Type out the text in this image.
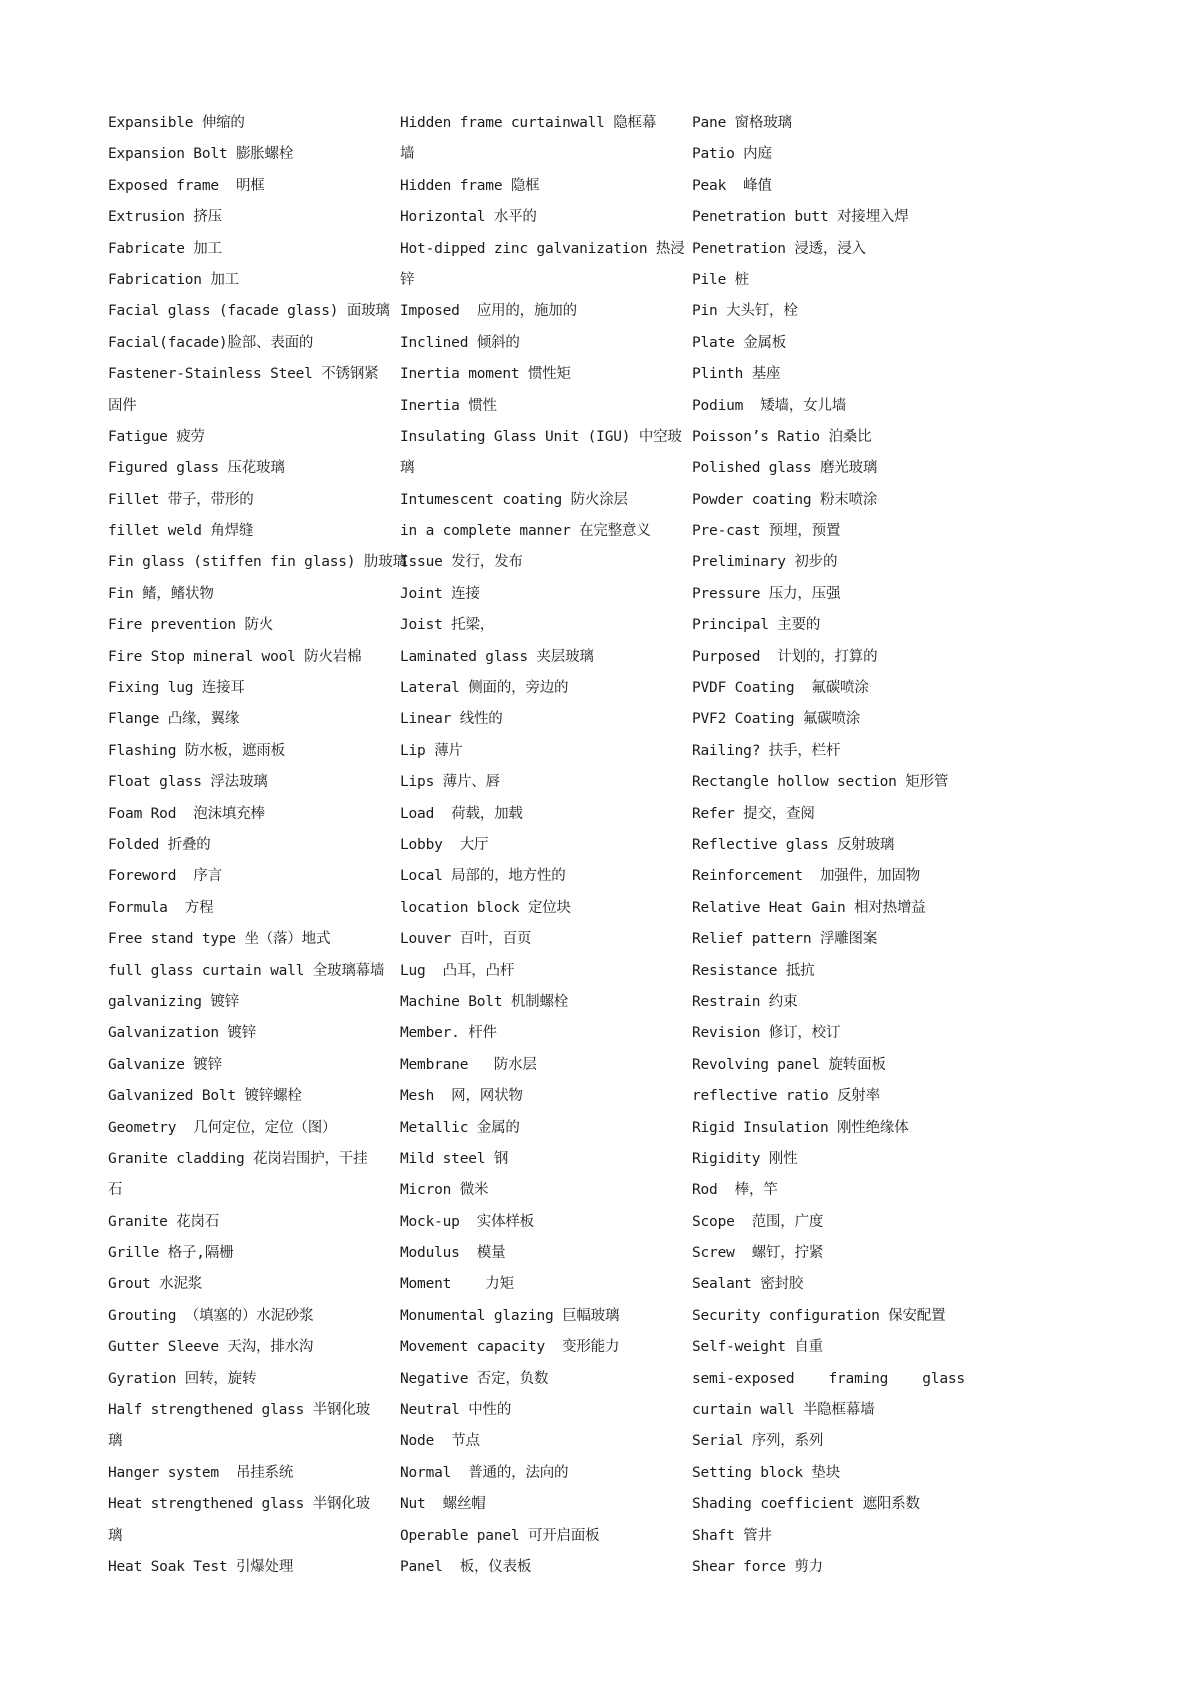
Expansible 伸缩的
Expansion Bolt 膨胀螺栓
Exposed frame  明框
Extrusion 挤压
Fabricate 加工
Fabrication 加工
Facial glass (facade glass) 面玻璃
Facial(facade)脸部、表面的
Fastener-Stainless Steel 不锈钢紧
固件
Fatigue 疲劳
Figured glass 压花玻璃
Fillet 带子，带形的
fillet weld 角焊缝
Fin glass (stiffen fin glass) 肋玻璃
Fin 鳍，鳍状物
Fire prevention 防火
Fire Stop mineral wool 防火岩棉
Fixing lug 连接耳
Flange 凸缘，翼缘
Flashing 防水板，遮雨板
Float glass 浮法玻璃
Foam Rod  泡沫填充棒
Folded 折叠的
Foreword  序言
Formula  方程
Free stand type 坐（落）地式
full glass curtain wall 全玻璃幕墙
galvanizing 镀锌
Galvanization 镀锌
Galvanize 镀锌
Galvanized Bolt 镀锌螺栓
Geometry  几何定位，定位（图）
Granite cladding 花岗岩围护，干挂
石
Granite 花岗石
Grille 格子,隔栅
Grout 水泥浆
Grouting （填塞的）水泥砂浆
Gutter Sleeve 天沟，排水沟
Gyration 回转，旋转
Half strengthened glass 半钢化玻
璃
Hanger system  吊挂系统
Heat strengthened glass 半钢化玻
璃
Heat Soak Test 引爆处理
Hidden frame curtainwall 隐框幕
墙
Hidden frame 隐框
Horizontal 水平的
Hot-dipped zinc galvanization 热浸
锌
Imposed  应用的，施加的
Inclined 倾斜的
Inertia moment 惯性矩
Inertia 惯性
Insulating Glass Unit (IGU) 中空玻
璃
Intumescent coating 防火涂层
in a complete manner 在完整意义
Issue 发行，发布
Joint 连接
Joist 托梁，
Laminated glass 夹层玻璃
Lateral 侧面的，旁边的
Linear 线性的
Lip 薄片
Lips 薄片、唇
Load  荷载，加载
Lobby  大厅
Local 局部的，地方性的
location block 定位块
Louver 百叶，百页
Lug  凸耳，凸杆
Machine Bolt 机制螺栓
Member. 杆件
Membrane   防水层
Mesh  网，网状物
Metallic 金属的
Mild steel 钢
Micron 微米
Mock-up  实体样板
Modulus  模量
Moment    力矩
Monumental glazing 巨幅玻璃
Movement capacity  变形能力
Negative 否定，负数
Neutral 中性的
Node  节点
Normal  普通的，法向的
Nut  螺丝帽
Operable panel 可开启面板
Panel  板，仪表板
Pane 窗格玻璃
Patio 内庭
Peak  峰值
Penetration butt 对接埋入焊
Penetration 浸透，浸入
Pile 桩
Pin 大头钉，栓
Plate 金属板
Plinth 基座
Podium  矮墙，女儿墙
Poisson’s Ratio 泊桑比
Polished glass 磨光玻璃
Powder coating 粉末喷涂
Pre-cast 预埋，预置
Preliminary 初步的
Pressure 压力，压强
Principal 主要的
Purposed  计划的，打算的
PVDF Coating  氟碳喷涂
PVF2 Coating 氟碳喷涂
Railing? 扶手，栏杆
Rectangle hollow section 矩形管
Refer 提交，查阅
Reflective glass 反射玻璃
Reinforcement  加强件，加固物
Relative Heat Gain 相对热增益
Relief pattern 浮雕图案
Resistance 抵抗
Restrain 约束
Revision 修订，校订
Revolving panel 旋转面板
reflective ratio 反射率
Rigid Insulation 刚性绝缘体
Rigidity 刚性
Rod  棒，竿
Scope  范围，广度
Screw  螺钉，拧紧
Sealant 密封胶
Security configuration 保安配置
Self-weight 自重
semi-exposed    framing    glass
curtain wall 半隐框幕墙
Serial 序列，系列
Setting block 垫块
Shading coefficient 遮阳系数
Shaft 管井
Shear force 剪力
